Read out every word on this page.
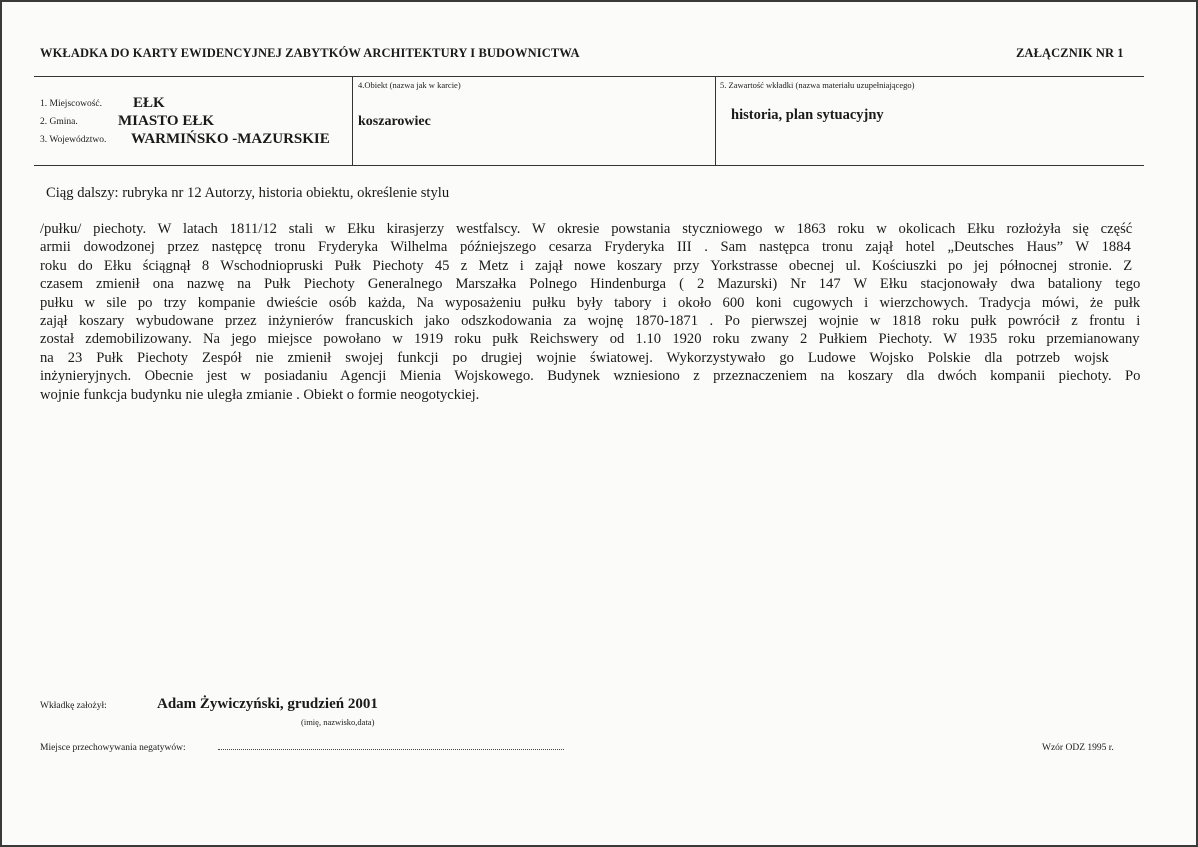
WKŁADKA DO KARTY EWIDENCYJNEJ ZABYTKÓW ARCHITEKTURY I BUDOWNICTWA	ZAŁĄCZNIK NR 1
1. Miejscowość. EŁK
2. Gmina.	MIASTO EŁK
3. Województwo. WARMIŃSKO -MAZURSKIE
4.Obiekt (nazwa jak w karcie)
koszarowiec
5. Zawartość wkładki (nazwa materiału uzupełniającego)
historia, plan sytuacyjny
Ciąg dalszy: rubryka nr 12 Autorzy, historia obiektu, określenie stylu
/pułku/ piechoty. W latach 1811/12 stali w Ełku kirasjerzy westfalscy. W okresie powstania styczniowego w 1863 roku w okolicach Ełku rozłożyła się część
armii dowodzonej przez następcę tronu Fryderyka Wilhelma późniejszego cesarza Fryderyka III . Sam następca tronu zajął hotel „Deutsches Haus” W 1884
roku do Ełku ściągnął 8 Wschodniopruski Pułk Piechoty 45 z Metz i zajął nowe koszary przy Yorkstrasse obecnej ul. Kościuszki po jej północnej stronie. Z
czasem zmienił ona nazwę na Pułk Piechoty Generalnego Marszałka Polnego Hindenburga ( 2 Mazurski) Nr 147 W Ełku stacjonowały dwa bataliony tego
pułku w sile po trzy kompanie dwieście osób każda, Na wyposażeniu pułku były tabory i około 600 koni cugowych i wierzchowych. Tradycja mówi, że pułk
zajął koszary wybudowane przez inżynierów francuskich jako odszkodowania za wojnę 1870-1871 . Po pierwszej wojnie w 1818 roku pułk powrócił z frontu i
został zdemobilizowany. Na jego miejsce powołano w 1919 roku pułk Reichswery od 1.10 1920 roku zwany 2 Pułkiem Piechoty. W 1935 roku przemianowany
na 23 Pułk Piechoty Zespół nie zmienił swojej funkcji po drugiej wojnie światowej. Wykorzystywało go Ludowe Wojsko Polskie dla potrzeb wojsk
inżynieryjnych. Obecnie jest w posiadaniu Agencji Mienia Wojskowego. Budynek wzniesiono z przeznaczeniem na koszary dla dwóch kompanii piechoty. Po
wojnie funkcja budynku nie uległa zmianie . Obiekt o formie neogotyckiej.
Wkładkę założył:	Adam Żywiczyński, grudzień 2001
(imię, nazwisko,data)
Miejsce przechowywania negatywów:	Wzór ODZ 1995 r.
